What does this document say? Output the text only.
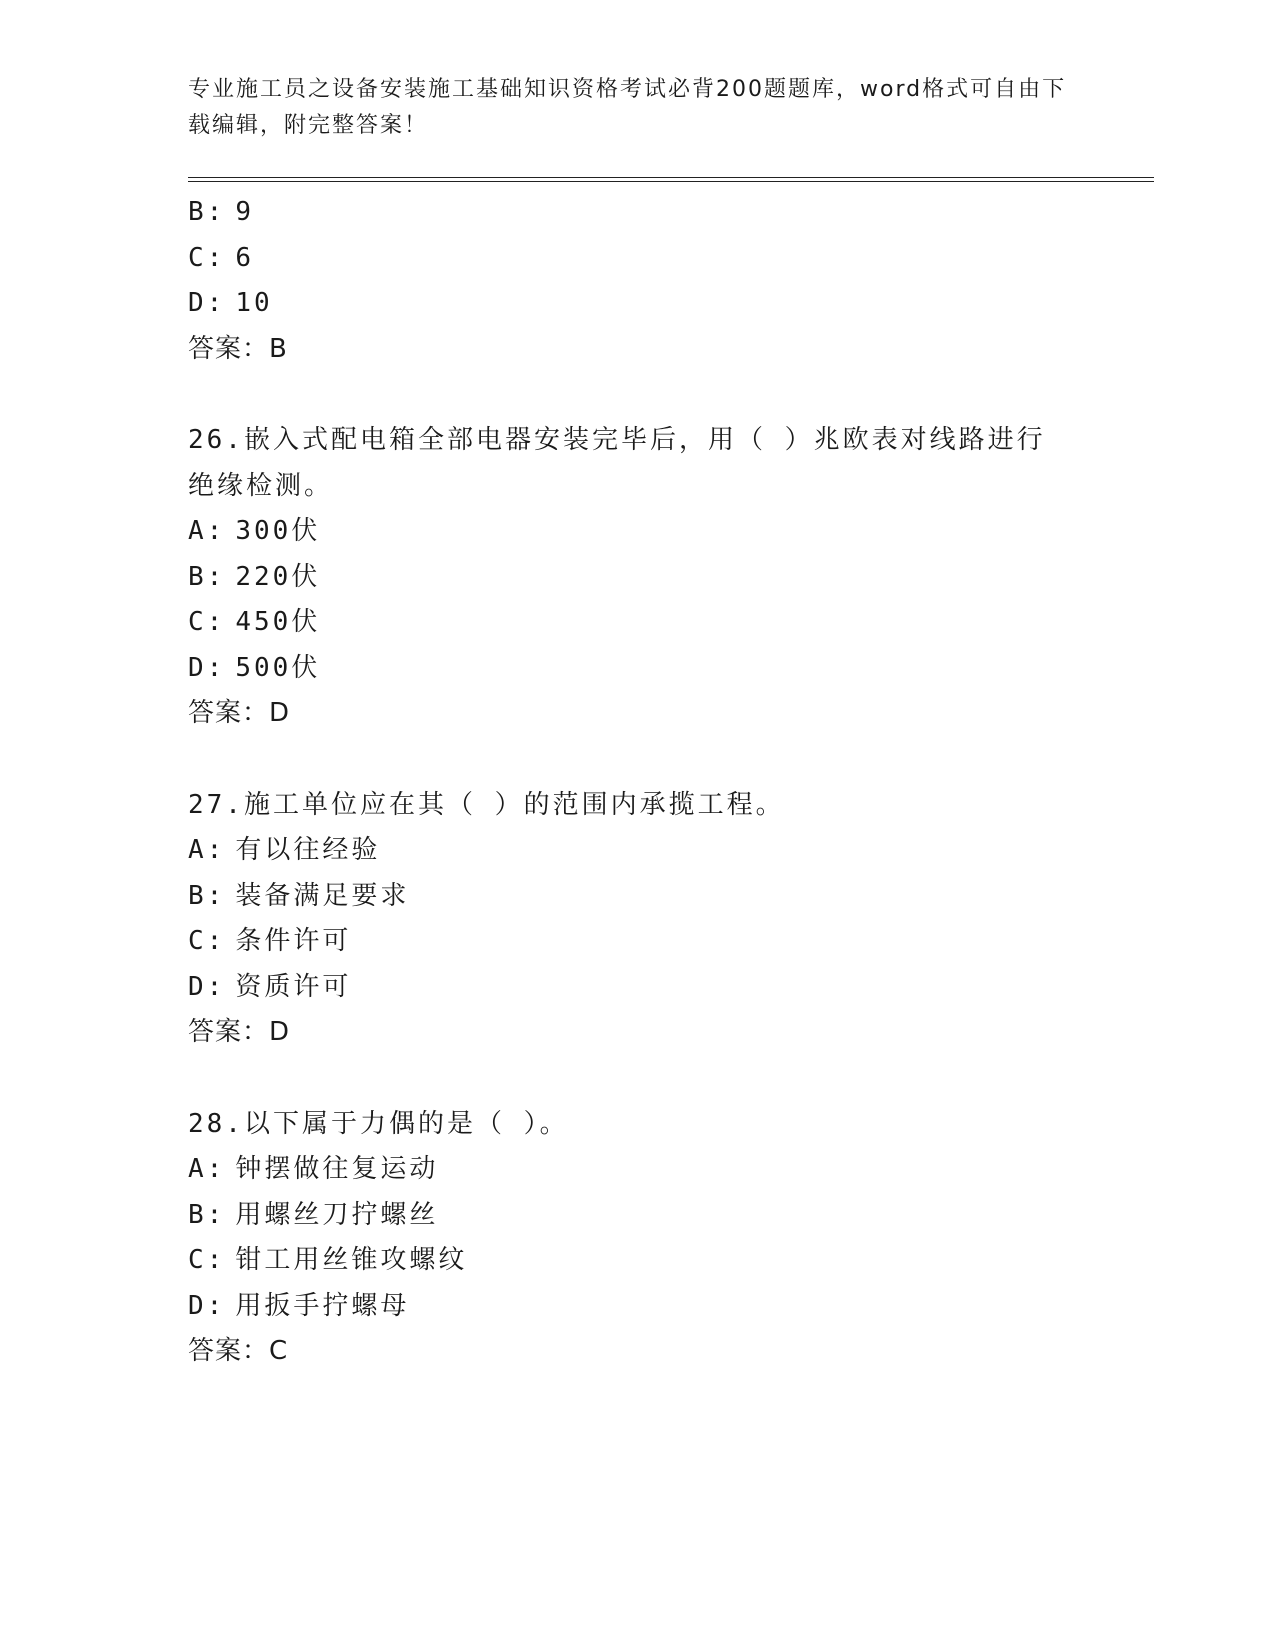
专业施工员之设备安装施工基础知识资格考试必背200题题库，word格式可自由下载编辑，附完整答案！
B: 9
C: 6
D: 10
答案：B
26.嵌入式配电箱全部电器安装完毕后，用（ ）兆欧表对线路进行绝缘检测。
A: 300伏
B: 220伏
C: 450伏
D: 500伏
答案：D
27.施工单位应在其（ ）的范围内承揽工程。
A: 有以往经验
B: 装备满足要求
C: 条件许可
D: 资质许可
答案：D
28.以下属于力偶的是（ ）。
A: 钟摆做往复运动
B: 用螺丝刀拧螺丝
C: 钳工用丝锥攻螺纹
D: 用扳手拧螺母
答案：C
